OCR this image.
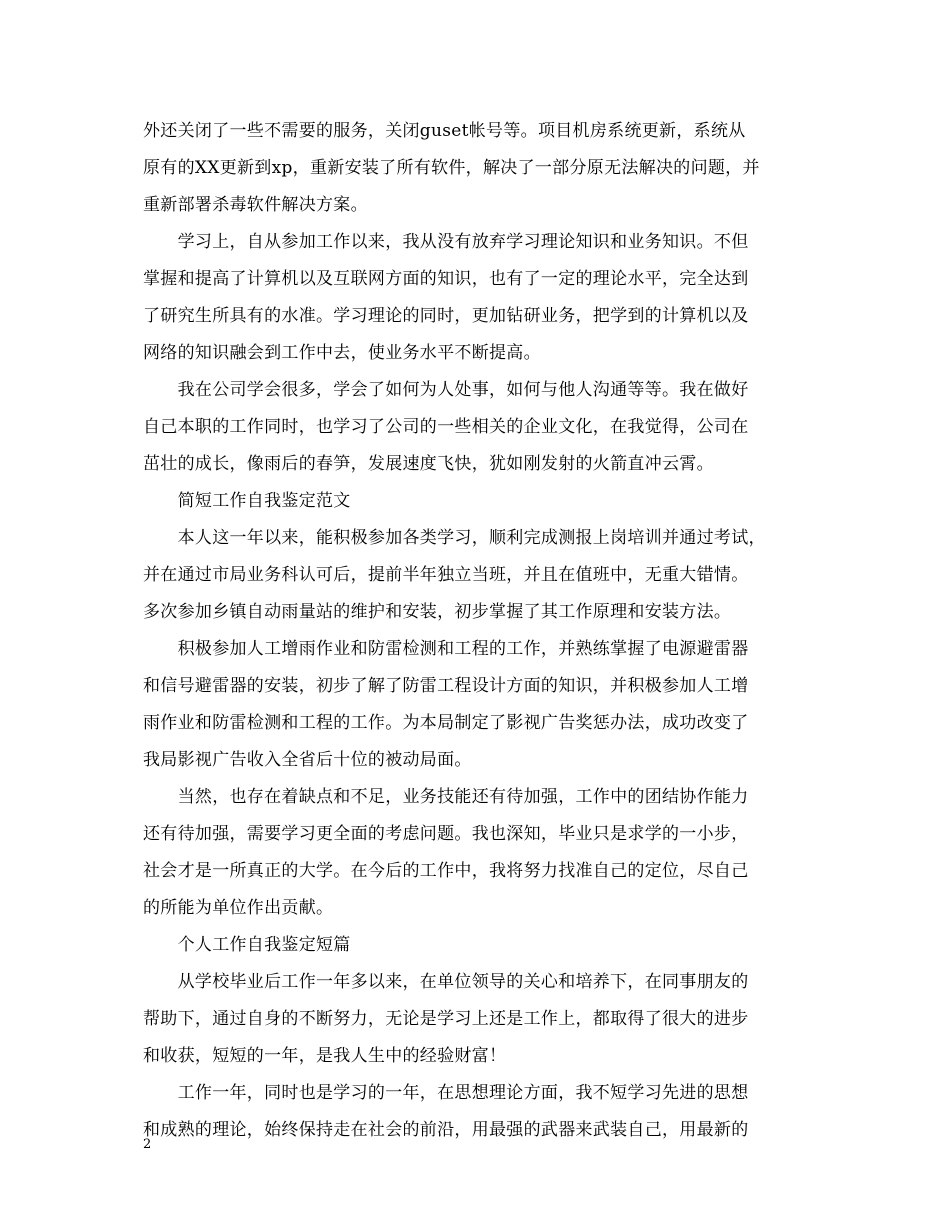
外还关闭了一些不需要的服务，关闭guset帐号等。项目机房系统更新，系统从
原有的XX更新到xp，重新安装了所有软件，解决了一部分原无法解决的问题，并
重新部署杀毒软件解决方案。

　　学习上，自从参加工作以来，我从没有放弃学习理论知识和业务知识。不但
掌握和提高了计算机以及互联网方面的知识，也有了一定的理论水平，完全达到
了研究生所具有的水准。学习理论的同时，更加钻研业务，把学到的计算机以及
网络的知识融会到工作中去，使业务水平不断提高。

　　我在公司学会很多，学会了如何为人处事，如何与他人沟通等等。我在做好
自己本职的工作同时，也学习了公司的一些相关的企业文化，在我觉得，公司在
茁壮的成长，像雨后的春笋，发展速度飞快，犹如刚发射的火箭直冲云霄。

　　简短工作自我鉴定范文

　　本人这一年以来，能积极参加各类学习，顺利完成测报上岗培训并通过考试，
并在通过市局业务科认可后，提前半年独立当班，并且在值班中，无重大错情。
多次参加乡镇自动雨量站的维护和安装，初步掌握了其工作原理和安装方法。

　　积极参加人工增雨作业和防雷检测和工程的工作，并熟练掌握了电源避雷器
和信号避雷器的安装，初步了解了防雷工程设计方面的知识，并积极参加人工增
雨作业和防雷检测和工程的工作。为本局制定了影视广告奖惩办法，成功改变了
我局影视广告收入全省后十位的被动局面。

　　当然，也存在着缺点和不足，业务技能还有待加强，工作中的团结协作能力
还有待加强，需要学习更全面的考虑问题。我也深知，毕业只是求学的一小步，
社会才是一所真正的大学。在今后的工作中，我将努力找准自己的定位，尽自己
的所能为单位作出贡献。

　　个人工作自我鉴定短篇

　　从学校毕业后工作一年多以来，在单位领导的关心和培养下，在同事朋友的
帮助下，通过自身的不断努力，无论是学习上还是工作上，都取得了很大的进步
和收获，短短的一年，是我人生中的经验财富！

　　工作一年，同时也是学习的一年，在思想理论方面，我不短学习先进的思想
和成熟的理论，始终保持走在社会的前沿，用最强的武器来武装自己，用最新的

2
